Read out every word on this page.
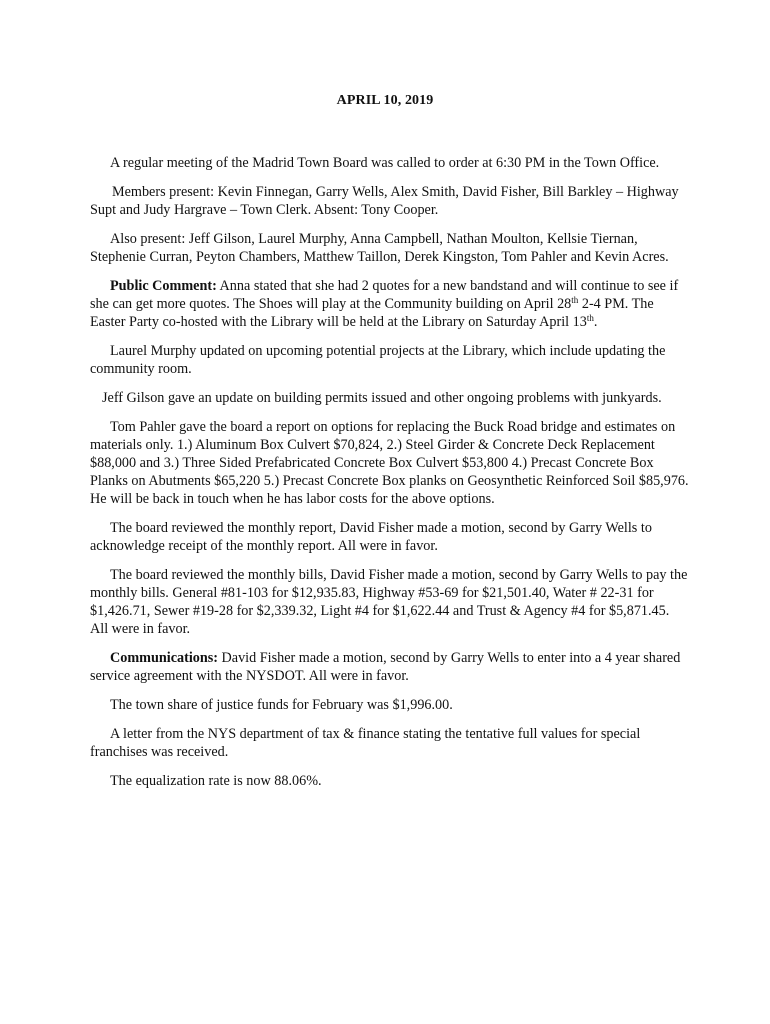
APRIL 10, 2019

A regular meeting of the Madrid Town Board was called to order at 6:30 PM in the Town Office.

Members present: Kevin Finnegan, Garry Wells, Alex Smith, David Fisher, Bill Barkley – Highway Supt and Judy Hargrave – Town Clerk. Absent: Tony Cooper.

Also present: Jeff Gilson, Laurel Murphy, Anna Campbell, Nathan Moulton, Kellsie Tiernan, Stephenie Curran, Peyton Chambers, Matthew Taillon, Derek Kingston, Tom Pahler and Kevin Acres.

Public Comment: Anna stated that she had 2 quotes for a new bandstand and will continue to see if she can get more quotes. The Shoes will play at the Community building on April 28th 2-4 PM. The Easter Party co-hosted with the Library will be held at the Library on Saturday April 13th.

Laurel Murphy updated on upcoming potential projects at the Library, which include updating the community room.

Jeff Gilson gave an update on building permits issued and other ongoing problems with junkyards.

Tom Pahler gave the board a report on options for replacing the Buck Road bridge and estimates on materials only. 1.) Aluminum Box Culvert $70,824, 2.) Steel Girder & Concrete Deck Replacement $88,000 and 3.) Three Sided Prefabricated Concrete Box Culvert $53,800 4.) Precast Concrete Box Planks on Abutments $65,220 5.) Precast Concrete Box planks on Geosynthetic Reinforced Soil $85,976. He will be back in touch when he has labor costs for the above options.

The board reviewed the monthly report, David Fisher made a motion, second by Garry Wells to acknowledge receipt of the monthly report. All were in favor.

The board reviewed the monthly bills, David Fisher made a motion, second by Garry Wells to pay the monthly bills. General #81-103 for $12,935.83, Highway #53-69 for $21,501.40, Water # 22-31 for $1,426.71, Sewer #19-28 for $2,339.32, Light #4 for $1,622.44 and Trust & Agency #4 for $5,871.45. All were in favor.

Communications: David Fisher made a motion, second by Garry Wells to enter into a 4 year shared service agreement with the NYSDOT. All were in favor.

The town share of justice funds for February was $1,996.00.

A letter from the NYS department of tax & finance stating the tentative full values for special franchises was received.

The equalization rate is now 88.06%.
